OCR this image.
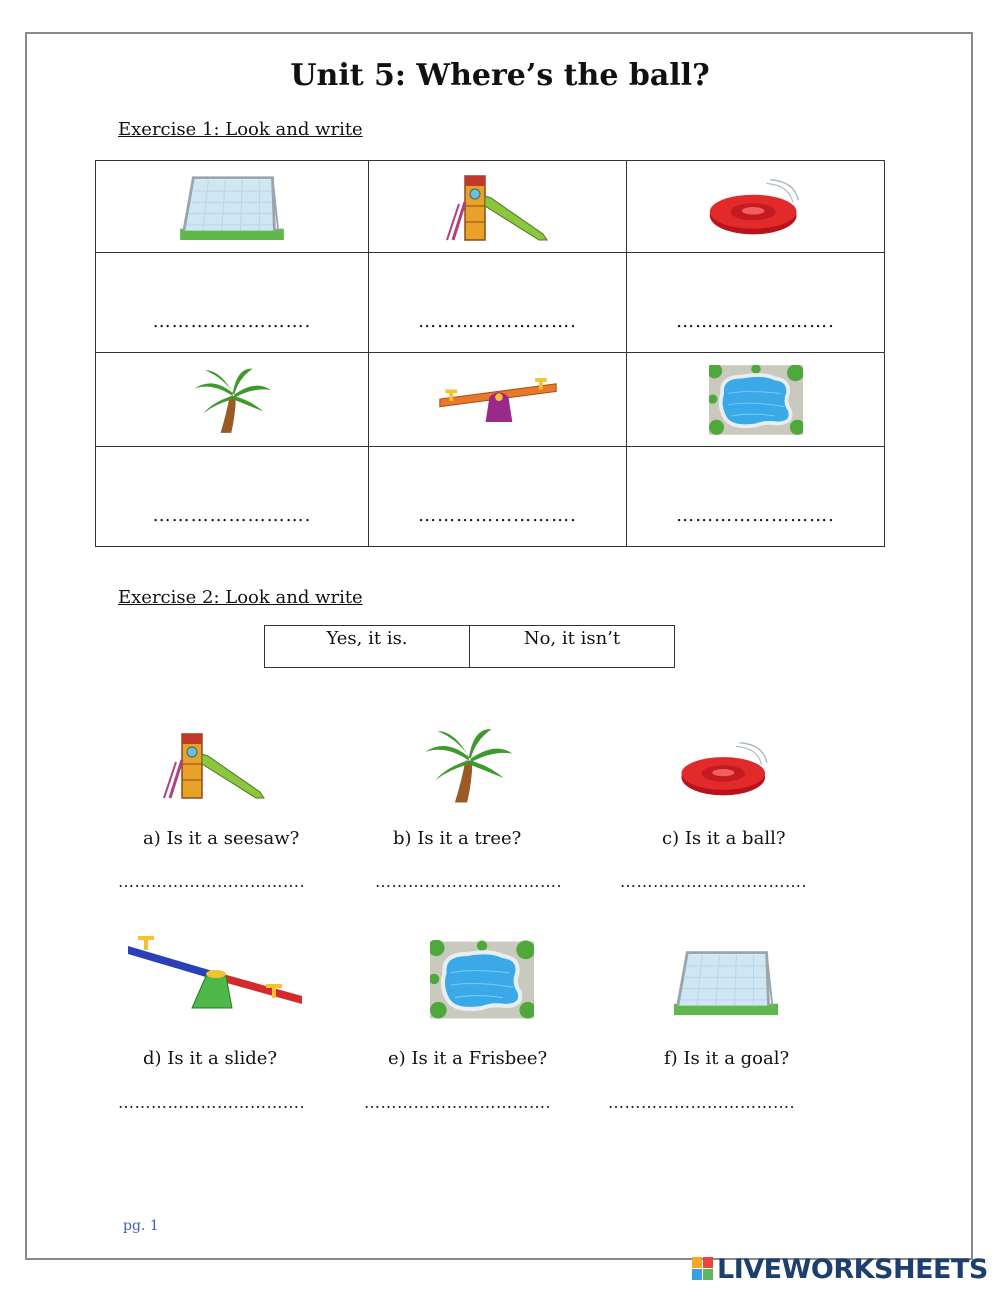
Unit 5: Where’s the ball?

Exercise 1: Look and write

…………………….	…………………….	…………………….

…………………….	…………………….	…………………….

Exercise 2: Look and write

Yes, it is.	No, it isn’t
a) Is it a seesaw?	b) Is it a tree?	c) Is it a ball?
…………………………….	…………………………….	…………………………….
d) Is it a slide?	e) Is it a Frisbee?	f) Is it a goal?
…………………………….	…………………………….	…………………………….
pg. 1
LIVEWORKSHEETS
